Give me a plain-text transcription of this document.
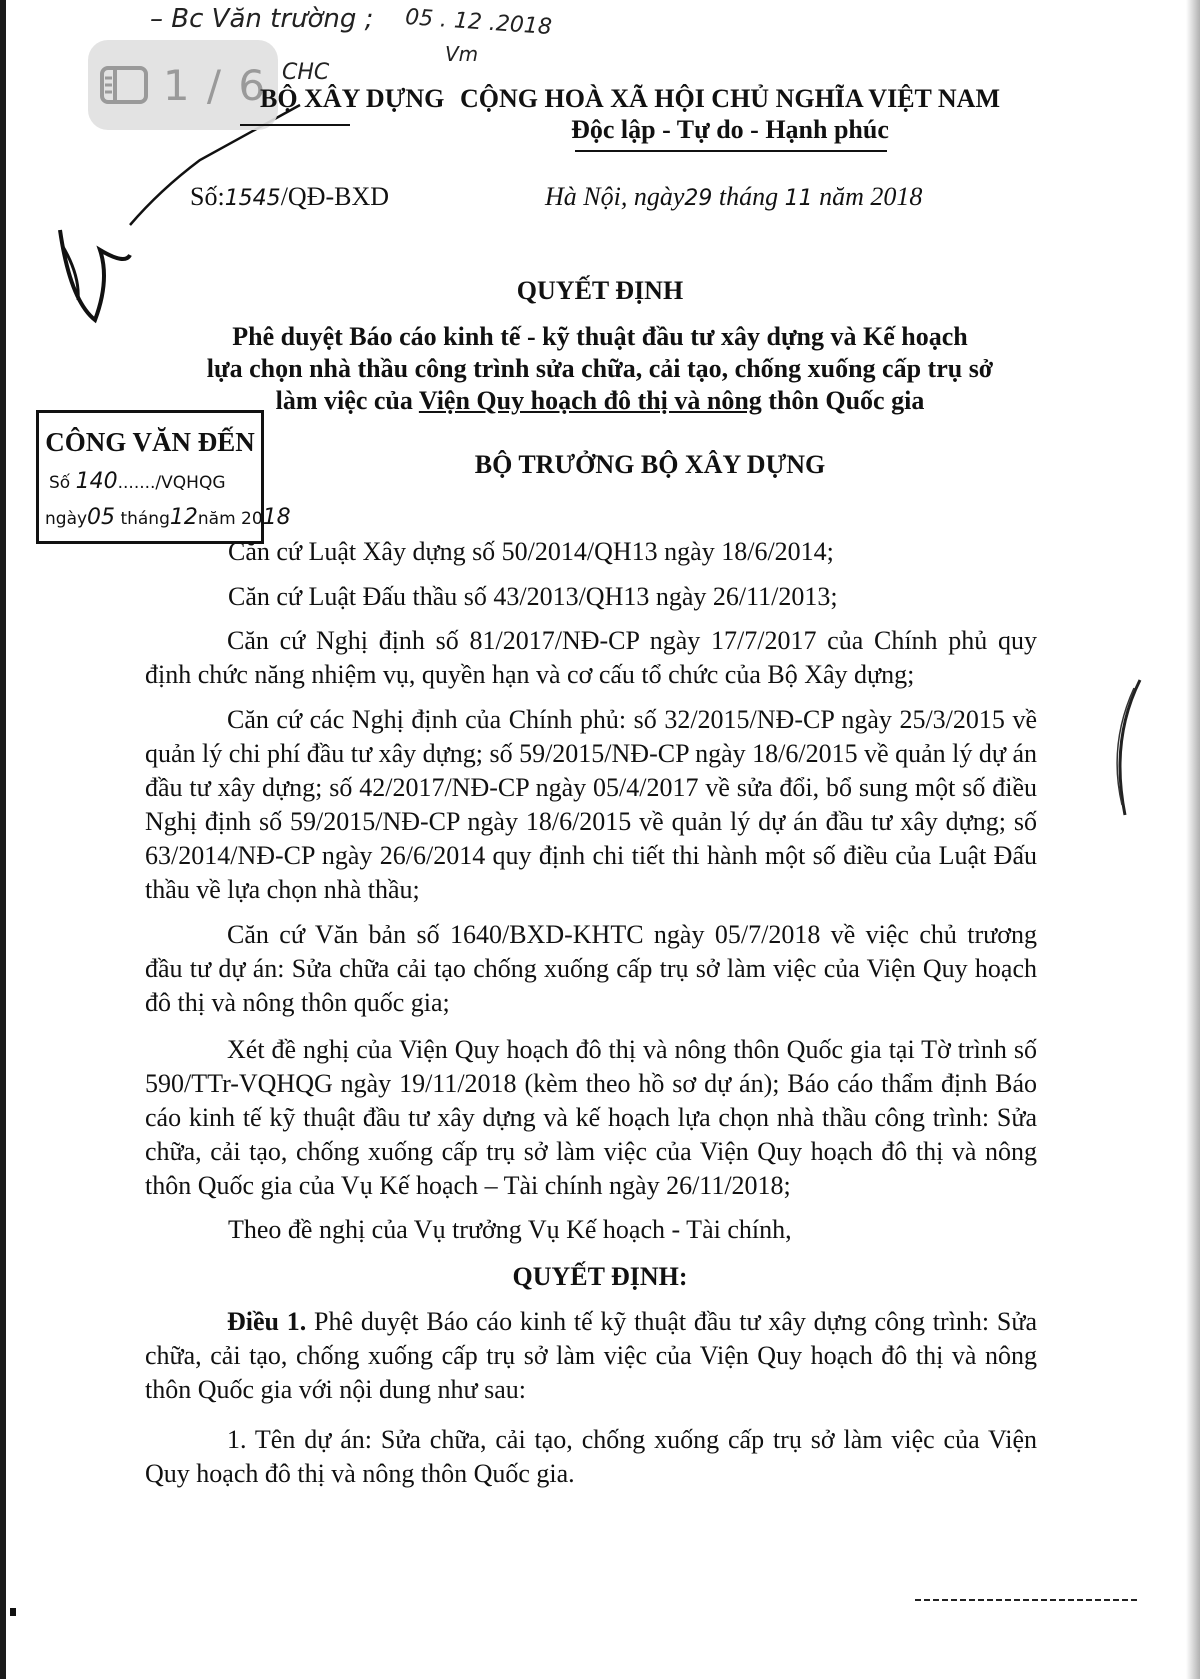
– Bc Văn trường ; 05 . 12 .2018
Vm
CHC
1 / 6
BỘ XÂY DỰNG CỘNG HOÀ XÃ HỘI CHỦ NGHĨA VIỆT NAM
Độc lập - Tự do - Hạnh phúc
Số:1545/QĐ-BXD	Hà Nội, ngày29 tháng 11 năm 2018
QUYẾT ĐỊNH
Phê duyệt Báo cáo kinh tế - kỹ thuật đầu tư xây dựng và Kế hoạch
lựa chọn nhà thầu công trình sửa chữa, cải tạo, chống xuống cấp trụ sở
làm việc của Viện Quy hoạch đô thị và nông thôn Quốc gia
BỘ TRƯỞNG BỘ XÂY DỰNG
CÔNG VĂN ĐẾN
Số 140......./VQHQG
ngày05 tháng12năm 2018
Căn cứ Luật Xây dựng số 50/2014/QH13 ngày 18/6/2014;
Căn cứ Luật Đấu thầu số 43/2013/QH13 ngày 26/11/2013;
Căn cứ Nghị định số 81/2017/NĐ-CP ngày 17/7/2017 của Chính phủ quy định chức năng nhiệm vụ, quyền hạn và cơ cấu tổ chức của Bộ Xây dựng;
Căn cứ các Nghị định của Chính phủ: số 32/2015/NĐ-CP ngày 25/3/2015 về quản lý chi phí đầu tư xây dựng; số 59/2015/NĐ-CP ngày 18/6/2015 về quản lý dự án đầu tư xây dựng; số 42/2017/NĐ-CP ngày 05/4/2017 về sửa đổi, bổ sung một số điều Nghị định số 59/2015/NĐ-CP ngày 18/6/2015 về quản lý dự án đầu tư xây dựng; số 63/2014/NĐ-CP ngày 26/6/2014 quy định chi tiết thi hành một số điều của Luật Đấu thầu về lựa chọn nhà thầu;
Căn cứ Văn bản số 1640/BXD-KHTC ngày 05/7/2018 về việc chủ trương đầu tư dự án: Sửa chữa cải tạo chống xuống cấp trụ sở làm việc của Viện Quy hoạch đô thị và nông thôn quốc gia;
Xét đề nghị của Viện Quy hoạch đô thị và nông thôn Quốc gia tại Tờ trình số 590/TTr-VQHQG ngày 19/11/2018 (kèm theo hồ sơ dự án); Báo cáo thẩm định Báo cáo kinh tế kỹ thuật đầu tư xây dựng và kế hoạch lựa chọn nhà thầu công trình: Sửa chữa, cải tạo, chống xuống cấp trụ sở làm việc của Viện Quy hoạch đô thị và nông thôn Quốc gia của Vụ Kế hoạch – Tài chính ngày 26/11/2018;
Theo đề nghị của Vụ trưởng Vụ Kế hoạch - Tài chính,
QUYẾT ĐỊNH:
Điều 1. Phê duyệt Báo cáo kinh tế kỹ thuật đầu tư xây dựng công trình: Sửa chữa, cải tạo, chống xuống cấp trụ sở làm việc của Viện Quy hoạch đô thị và nông thôn Quốc gia với nội dung như sau:
1. Tên dự án: Sửa chữa, cải tạo, chống xuống cấp trụ sở làm việc của Viện Quy hoạch đô thị và nông thôn Quốc gia.
